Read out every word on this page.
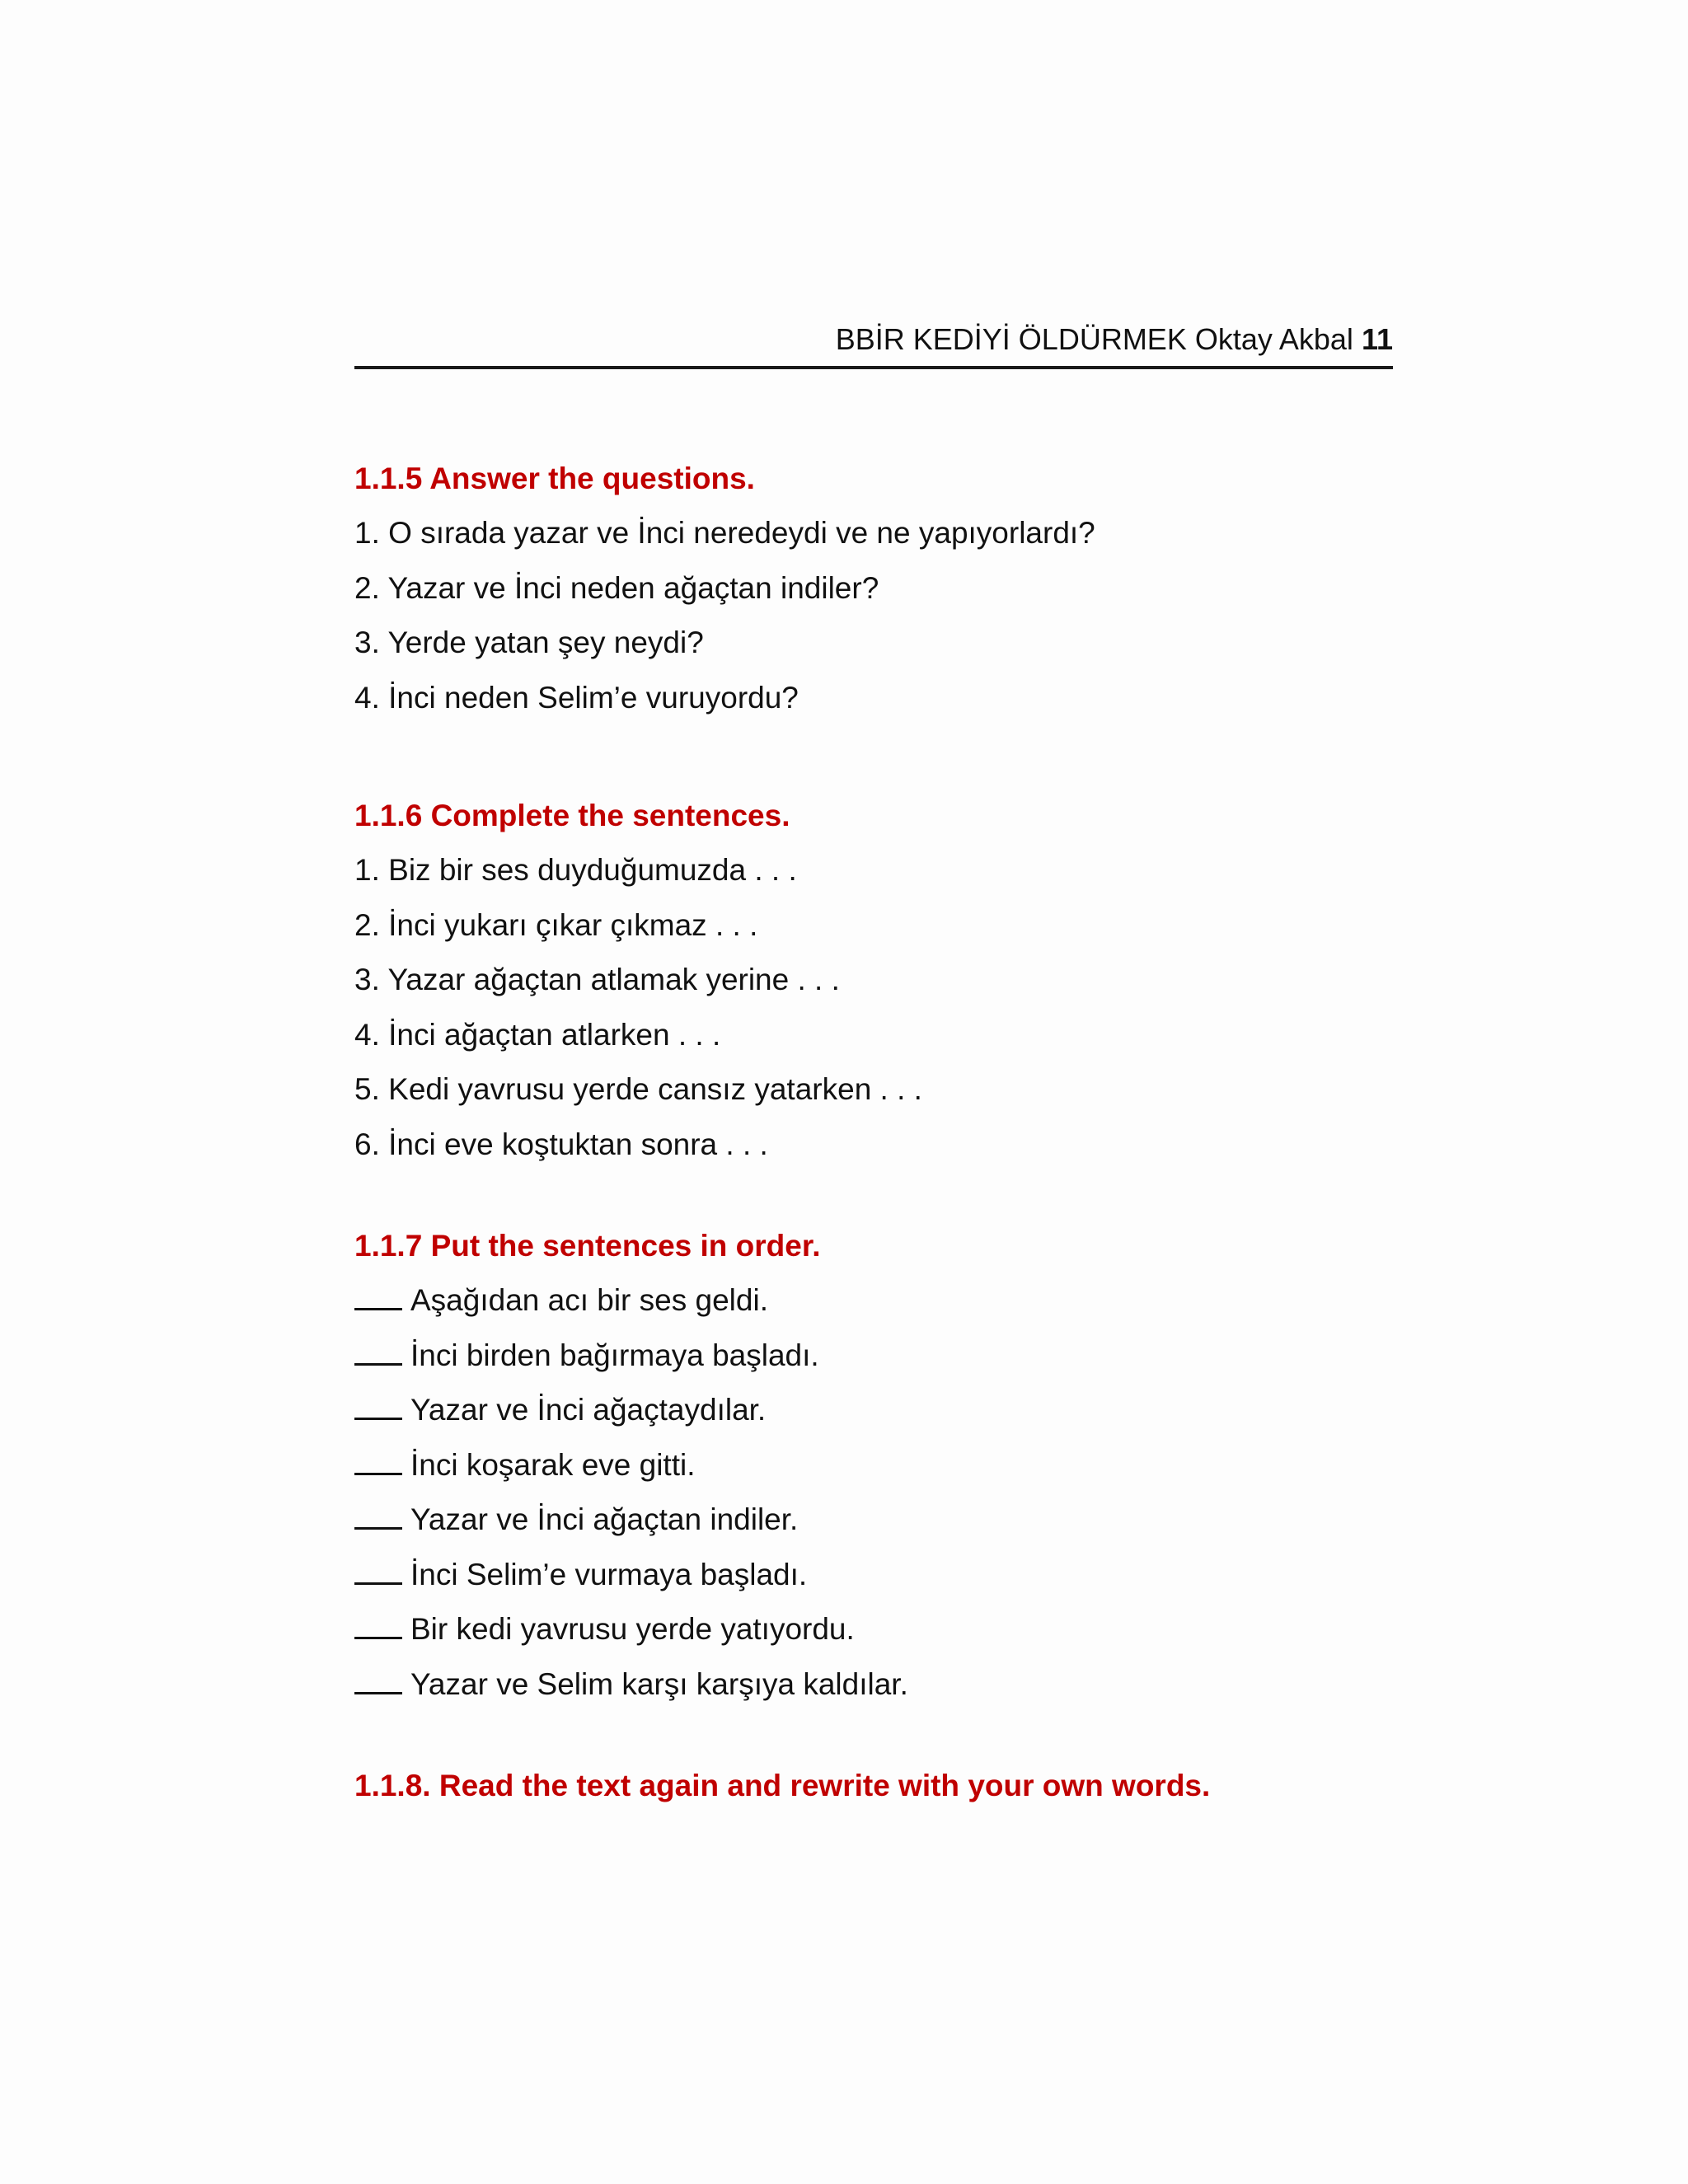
BBİR KEDİYİ ÖLDÜRMEK Oktay Akbal 11
1.1.5 Answer the questions.
1. O sırada yazar ve İnci neredeydi ve ne yapıyorlardı?
2. Yazar ve İnci neden ağaçtan indiler?
3. Yerde yatan şey neydi?
4. İnci neden Selim’e vuruyordu?
1.1.6 Complete the sentences.
1. Biz bir ses duyduğumuzda . . .
2. İnci yukarı çıkar çıkmaz . . .
3. Yazar ağaçtan atlamak yerine . . .
4. İnci ağaçtan atlarken . . .
5. Kedi yavrusu yerde cansız yatarken . . .
6. İnci eve koştuktan sonra . . .
1.1.7 Put the sentences in order.
Aşağıdan acı bir ses geldi.
İnci birden bağırmaya başladı.
Yazar ve İnci ağaçtaydılar.
İnci koşarak eve gitti.
Yazar ve İnci ağaçtan indiler.
İnci Selim’e vurmaya başladı.
Bir kedi yavrusu yerde yatıyordu.
Yazar ve Selim karşı karşıya kaldılar.
1.1.8. Read the text again and rewrite with your own words.
